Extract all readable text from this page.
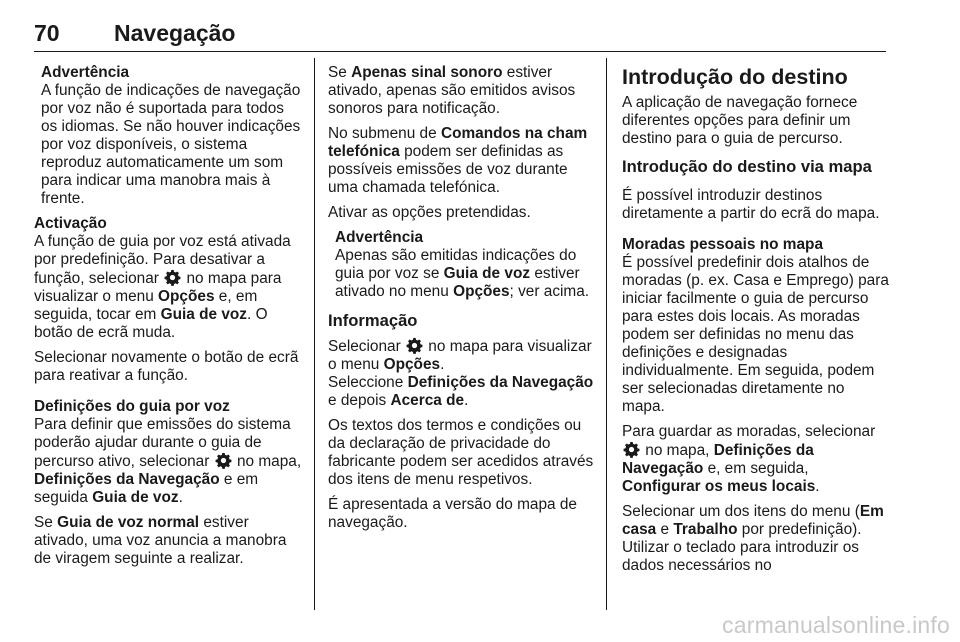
70 Navegação
Advertência

A função de indicações de navegação por voz não é suportada para todos os idiomas. Se não houver indicações por voz disponíveis, o sistema reproduz automaticamente um som para indicar uma manobra mais à frente.

Activação

A função de guia por voz está ativada por predefinição. Para desativar a função, selecionar no mapa para visualizar o menu Opções e, em seguida, tocar em Guia de voz. O botão de ecrã muda.

Selecionar novamente o botão de ecrã para reativar a função.

Definições do guia por voz

Para definir que emissões do sistema poderão ajudar durante o guia de percurso ativo, selecionar no mapa, Definições da Navegação e em seguida Guia de voz.

Se Guia de voz normal estiver ativado, uma voz anuncia a manobra de viragem seguinte a realizar.

Se Apenas sinal sonoro estiver ativado, apenas são emitidos avisos sonoros para notificação.

No submenu de Comandos na cham telefónica podem ser definidas as possíveis emissões de voz durante uma chamada telefónica.

Ativar as opções pretendidas.

Advertência

Apenas são emitidas indicações do guia por voz se Guia de voz estiver ativado no menu Opções; ver acima.

Informação

Selecionar no mapa para visualizar o menu Opções.
Seleccione Definições da Navegação e depois Acerca de.

Os textos dos termos e condições ou da declaração de privacidade do fabricante podem ser acedidos através dos itens de menu respetivos.

É apresentada a versão do mapa de navegação.

Introdução do destino

A aplicação de navegação fornece diferentes opções para definir um destino para o guia de percurso.

Introdução do destino via mapa

É possível introduzir destinos diretamente a partir do ecrã do mapa.

Moradas pessoais no mapa

É possível predefinir dois atalhos de moradas (p. ex. Casa e Emprego) para iniciar facilmente o guia de percurso para estes dois locais. As moradas podem ser definidas no menu das definições e designadas individualmente. Em seguida, podem ser selecionadas diretamente no mapa.

Para guardar as moradas, selecionar
no mapa, Definições da Navegação e, em seguida, Configurar os meus locais.

Selecionar um dos itens do menu (Em casa e Trabalho por predefinição). Utilizar o teclado para introduzir os dados necessários no

carmanualsonline.info
